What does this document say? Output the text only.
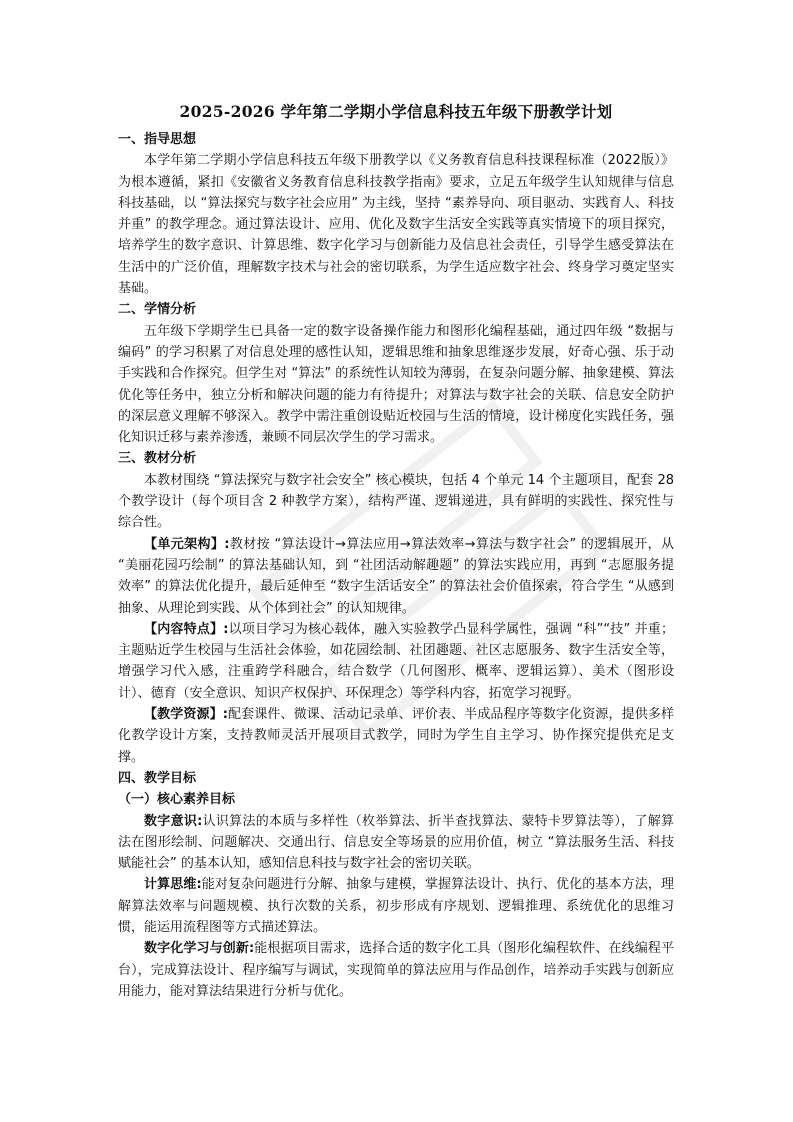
2025-2026 学年第二学期小学信息科技五年级下册教学计划
一、指导思想

本学年第二学期小学信息科技五年级下册教学以《义务教育信息科技课程标准（2022版）》为根本遵循，紧扣《安徽省义务教育信息科技教学指南》要求，立足五年级学生认知规律与信息科技基础，以 “算法探究与数字社会应用” 为主线，坚持 “素养导向、项目驱动、实践育人、科技并重” 的教学理念。通过算法设计、应用、优化及数字生活安全实践等真实情境下的项目探究，培养学生的数字意识、计算思维、数字化学习与创新能力及信息社会责任，引导学生感受算法在生活中的广泛价值，理解数字技术与社会的密切联系，为学生适应数字社会、终身学习奠定坚实基础。

二、学情分析

五年级下学期学生已具备一定的数字设备操作能力和图形化编程基础，通过四年级 “数据与编码” 的学习积累了对信息处理的感性认知，逻辑思维和抽象思维逐步发展，好奇心强、乐于动手实践和合作探究。但学生对 “算法” 的系统性认知较为薄弱，在复杂问题分解、抽象建模、算法优化等任务中，独立分析和解决问题的能力有待提升；对算法与数字社会的关联、信息安全防护的深层意义理解不够深入。教学中需注重创设贴近校园与生活的情境，设计梯度化实践任务，强化知识迁移与素养渗透，兼顾不同层次学生的学习需求。

三、教材分析

本教材围绕 “算法探究与数字社会安全” 核心模块，包括 4 个单元 14 个主题项目，配套 28 个教学设计（每个项目含 2 种教学方案），结构严谨、逻辑递进，具有鲜明的实践性、探究性与综合性。

【单元架构】:教材按 “算法设计→算法应用→算法效率→算法与数字社会” 的逻辑展开，从 “美丽花园巧绘制” 的算法基础认知，到 “社团活动解趣题” 的算法实践应用，再到 “志愿服务提效率” 的算法优化提升，最后延伸至 “数字生活话安全” 的算法社会价值探索，符合学生 “从感到抽象、从理论到实践、从个体到社会” 的认知规律。

【内容特点】:以项目学习为核心载体，融入实验教学凸显科学属性，强调 “科”“技” 并重；主题贴近学生校园与生活社会体验，如花园绘制、社团趣题、社区志愿服务、数字生活安全等，增强学习代入感，注重跨学科融合，结合数学（几何图形、概率、逻辑运算）、美术（图形设计）、德育（安全意识、知识产权保护、环保理念）等学科内容，拓宽学习视野。

【教学资源】:配套课件、微课、活动记录单、评价表、半成品程序等数字化资源，提供多样化教学设计方案，支持教师灵活开展项目式教学，同时为学生自主学习、协作探究提供充足支撑。

四、教学目标
（一）核心素养目标

数字意识:认识算法的本质与多样性（枚举算法、折半查找算法、蒙特卡罗算法等），了解算法在图形绘制、问题解决、交通出行、信息安全等场景的应用价值，树立 “算法服务生活、科技赋能社会” 的基本认知，感知信息科技与数字社会的密切关联。

计算思维:能对复杂问题进行分解、抽象与建模，掌握算法设计、执行、优化的基本方法，理解算法效率与问题规模、执行次数的关系，初步形成有序规划、逻辑推理、系统优化的思维习惯，能运用流程图等方式描述算法。

数字化学习与创新:能根据项目需求，选择合适的数字化工具（图形化编程软件、在线编程平台），完成算法设计、程序编写与调试，实现简单的算法应用与作品创作，培养动手实践与创新应用能力，能对算法结果进行分析与优化。
